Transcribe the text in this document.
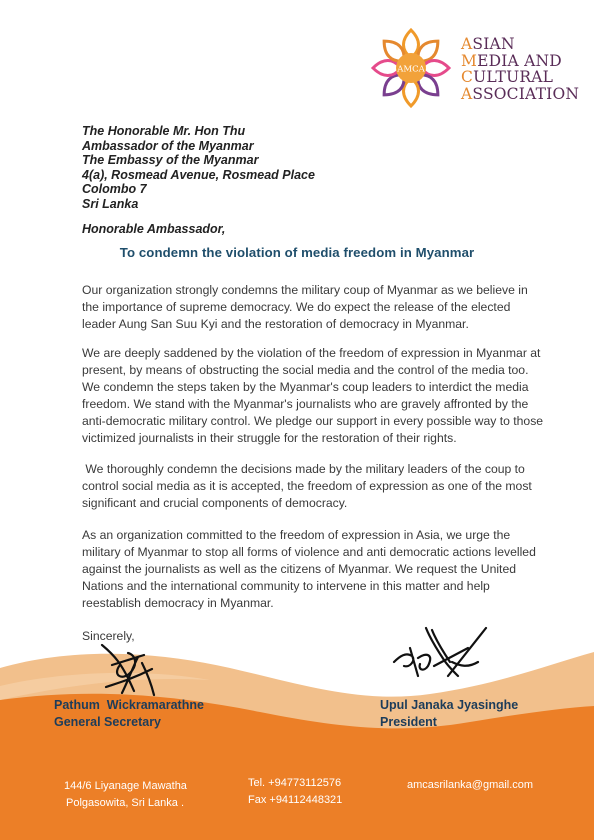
AMCA
ASIAN
MEDIA AND
CULTURAL
ASSOCIATION
The Honorable Mr. Hon Thu
Ambassador of the Myanmar
The Embassy of the Myanmar
4(a), Rosmead Avenue, Rosmead Place
Colombo 7
Sri Lanka
Honorable Ambassador,
To condemn the violation of media freedom in Myanmar

Our organization strongly condemns the military coup of Myanmar as we believe in
the importance of supreme democracy. We do expect the release of the elected
leader Aung San Suu Kyi and the restoration of democracy in Myanmar.

We are deeply saddened by the violation of the freedom of expression in Myanmar at
present, by means of obstructing the social media and the control of the media too.
We condemn the steps taken by the Myanmar's coup leaders to interdict the media
freedom. We stand with the Myanmar's journalists who are gravely affronted by the
anti-democratic military control. We pledge our support in every possible way to those
victimized journalists in their struggle for the restoration of their rights.

We thoroughly condemn the decisions made by the military leaders of the coup to
control social media as it is accepted, the freedom of expression as one of the most
significant and crucial components of democracy.

As an organization committed to the freedom of expression in Asia, we urge the
military of Myanmar to stop all forms of violence and anti democratic actions levelled
against the journalists as well as the citizens of Myanmar. We request the United
Nations and the international community to intervene in this matter and help
reestablish democracy in Myanmar.

Sincerely,
Pathum  Wickramarathne
General Secretary
Upul Janaka Jyasinghe
President
144/6 Liyanage Mawatha
Polgasowita, Sri Lanka .
Tel. +94773112576
Fax +94112448321
amcasrilanka@gmail.com
